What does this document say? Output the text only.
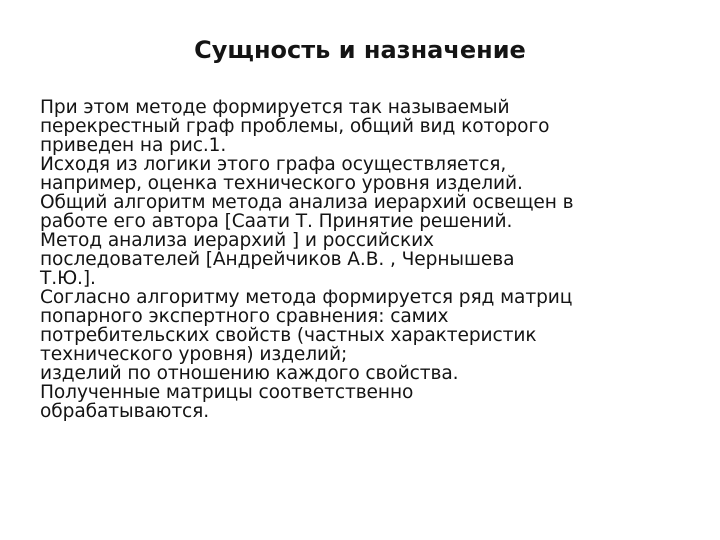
Сущность и назначение
При этом методе формируется так называемый
перекрестный граф проблемы, общий вид которого
приведен на рис.1.
Исходя из логики этого графа осуществляется,
например, оценка технического уровня изделий.
Общий алгоритм метода анализа иерархий освещен в
работе его автора [Саати Т. Принятие решений.
Метод анализа иерархий ] и российских
последователей [Андрейчиков А.В. , Чернышева
Т.Ю.].
Согласно алгоритму метода формируется ряд матриц
попарного экспертного сравнения: самих
потребительских свойств (частных характеристик
технического уровня) изделий;
изделий по отношению каждого свойства.
Полученные матрицы соответственно
обрабатываются.
